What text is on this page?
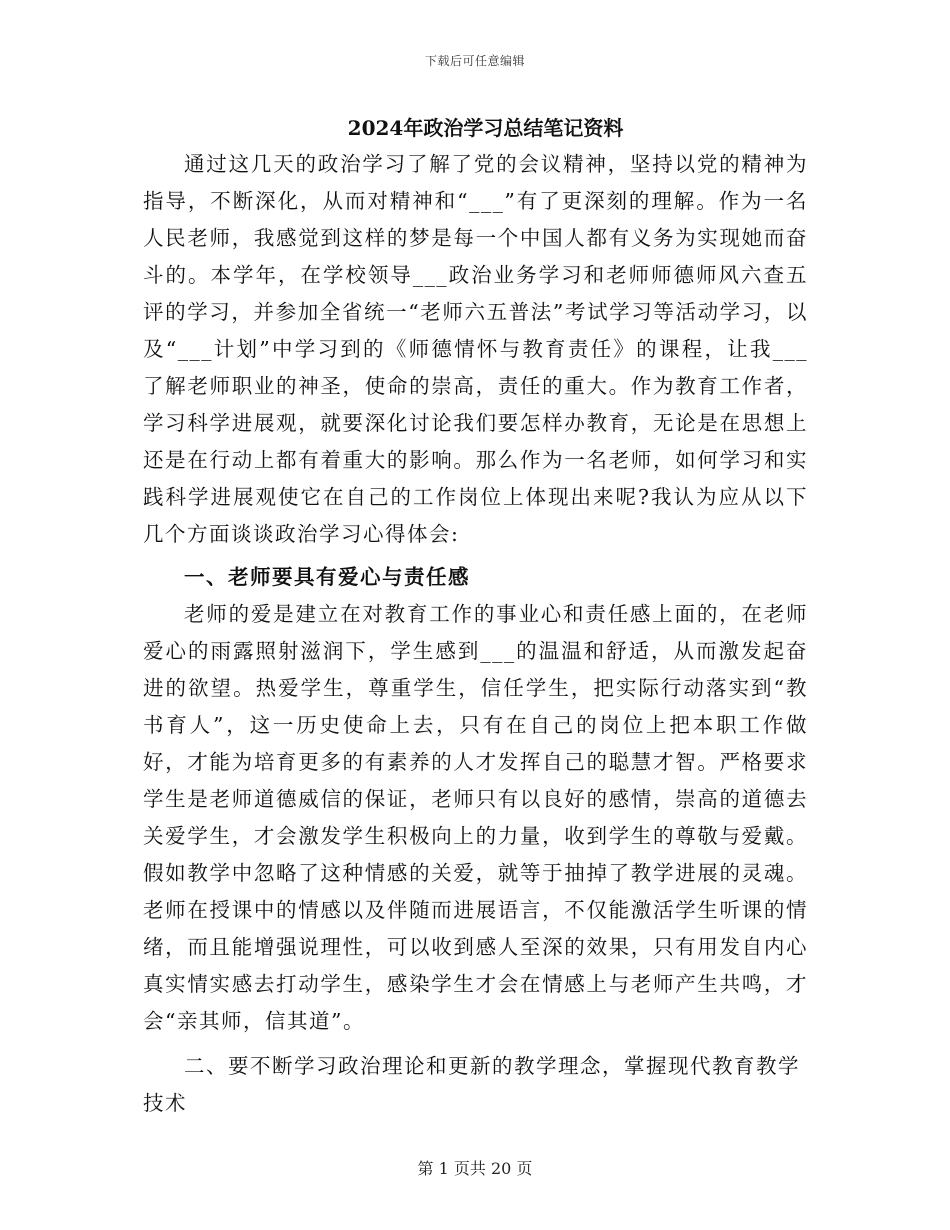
下载后可任意编辑
2024年政治学习总结笔记资料

通过这几天的政治学习了解了党的会议精神，坚持以党的精神为指导，不断深化，从而对精神和“___”有了更深刻的理解。作为一名人民老师，我感觉到这样的梦是每一个中国人都有义务为实现她而奋斗的。本学年，在学校领导___政治业务学习和老师师德师风六查五评的学习，并参加全省统一“老师六五普法”考试学习等活动学习，以及“___计划”中学习到的《师德情怀与教育责任》的课程，让我___了解老师职业的神圣，使命的崇高，责任的重大。作为教育工作者，学习科学进展观，就要深化讨论我们要怎样办教育，无论是在思想上还是在行动上都有着重大的影响。那么作为一名老师，如何学习和实践科学进展观使它在自己的工作岗位上体现出来呢?我认为应从以下几个方面谈谈政治学习心得体会:

一、老师要具有爱心与责任感

老师的爱是建立在对教育工作的事业心和责任感上面的，在老师爱心的雨露照射滋润下，学生感到___的温温和舒适，从而激发起奋进的欲望。热爱学生，尊重学生，信任学生，把实际行动落实到“教书育人”，这一历史使命上去，只有在自己的岗位上把本职工作做好，才能为培育更多的有素养的人才发挥自己的聪慧才智。严格要求学生是老师道德威信的保证，老师只有以良好的感情，崇高的道德去关爱学生，才会激发学生积极向上的力量，收到学生的尊敬与爱戴。假如教学中忽略了这种情感的关爱，就等于抽掉了教学进展的灵魂。老师在授课中的情感以及伴随而进展语言，不仅能激活学生听课的情绪，而且能增强说理性，可以收到感人至深的效果，只有用发自内心真实情实感去打动学生，感染学生才会在情感上与老师产生共鸣，才会“亲其师，信其道”。

二、要不断学习政治理论和更新的教学理念，掌握现代教育教学技术
第 1 页共 20 页
